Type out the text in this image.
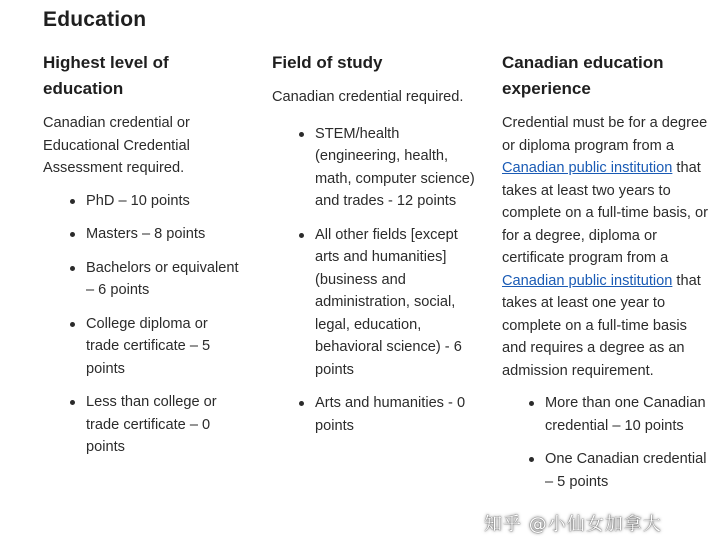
Education
Highest level of education

Canadian credential or Educational Credential Assessment required.

PhD – 10 points
Masters – 8 points
Bachelors or equivalent – 6 points
College diploma or trade certificate – 5 points
Less than college or trade certificate – 0 points
Field of study

Canadian credential required.

STEM/health (engineering, health, math, computer science) and trades - 12 points
All other fields [except arts and humanities] (business and administration, social, legal, education, behavioral science) - 6 points
Arts and humanities - 0 points
Canadian education experience

Credential must be for a degree or diploma program from a Canadian public institution that takes at least two years to complete on a full-time basis, or for a degree, diploma or certificate program from a Canadian public institution that takes at least one year to complete on a full-time basis and requires a degree as an admission requirement.

More than one Canadian credential – 10 points
One Canadian credential – 5 points
知乎 @小仙女加拿大
